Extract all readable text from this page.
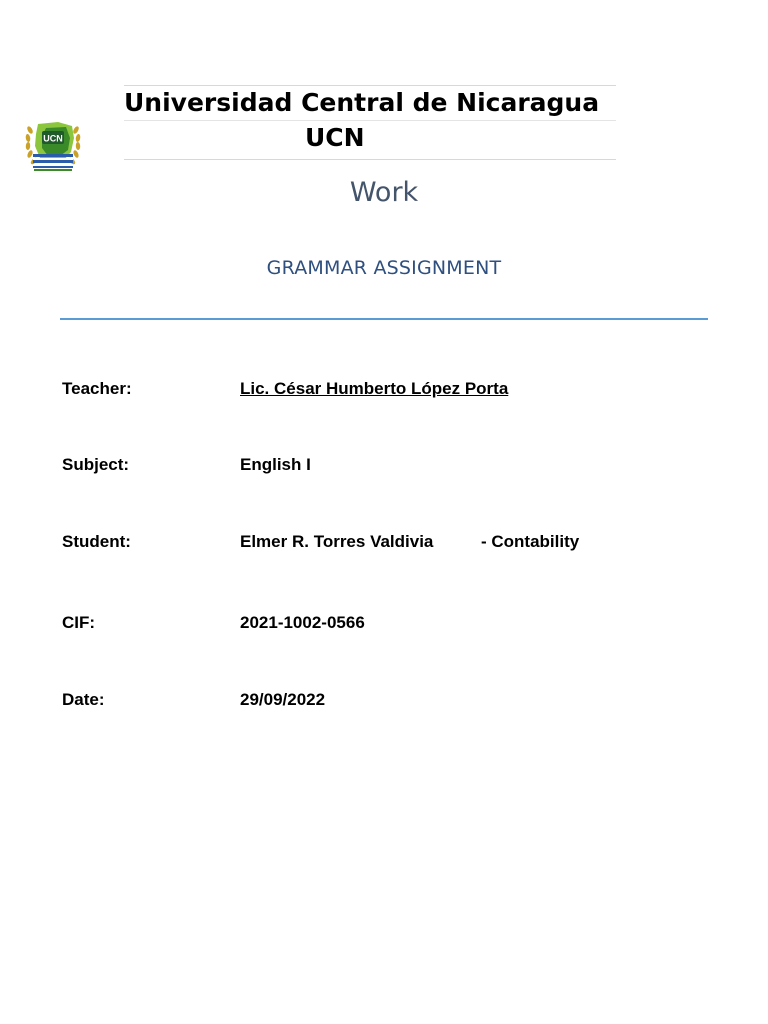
UCN
Universidad Central de Nicaragua
UCN
Work
GRAMMAR ASSIGNMENT
Teacher:	Lic. César Humberto López Porta
Subject:	English I
Student:	Elmer R. Torres Valdivia	- Contability
CIF:	2021-1002-0566
Date:	29/09/2022
